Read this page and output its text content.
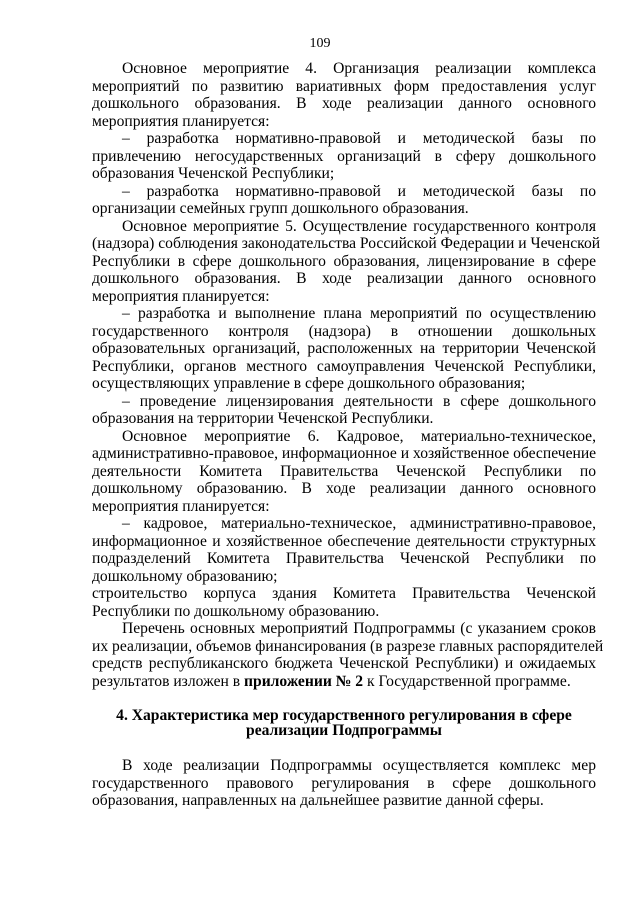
109

Основное мероприятие 4. Организация реализации комплекса
мероприятий по развитию вариативных форм предоставления услуг
дошкольного образования. В ходе реализации данного основного
мероприятия планируется:

– разработка нормативно-правовой и методической базы по
привлечению негосударственных организаций в сферу дошкольного
образования Чеченской Республики;

– разработка нормативно-правовой и методической базы по
организации семейных групп дошкольного образования.

Основное мероприятие 5. Осуществление государственного контроля
(надзора) соблюдения законодательства Российской Федерации и Чеченской
Республики в сфере дошкольного образования, лицензирование в сфере
дошкольного образования. В ходе реализации данного основного
мероприятия планируется:

– разработка и выполнение плана мероприятий по осуществлению
государственного контроля (надзора) в отношении дошкольных
образовательных организаций, расположенных на территории Чеченской
Республики, органов местного самоуправления Чеченской Республики,
осуществляющих управление в сфере дошкольного образования;

– проведение лицензирования деятельности в сфере дошкольного
образования на территории Чеченской Республики.

Основное мероприятие 6. Кадровое, материально-техническое,
административно-правовое, информационное и хозяйственное обеспечение
деятельности Комитета Правительства Чеченской Республики по
дошкольному образованию. В ходе реализации данного основного
мероприятия планируется:

– кадровое, материально-техническое, административно-правовое,
информационное и хозяйственное обеспечение деятельности структурных
подразделений Комитета Правительства Чеченской Республики по
дошкольному образованию;

строительство корпуса здания Комитета Правительства Чеченской
Республики по дошкольному образованию.

Перечень основных мероприятий Подпрограммы (с указанием сроков
их реализации, объемов финансирования (в разрезе главных распорядителей
средств республиканского бюджета Чеченской Республики) и ожидаемых
результатов изложен в приложении № 2 к Государственной программе.

4. Характеристика мер государственного регулирования в сфере
реализации Подпрограммы

В ходе реализации Подпрограммы осуществляется комплекс мер
государственного правового регулирования в сфере дошкольного
образования, направленных на дальнейшее развитие данной сферы.
